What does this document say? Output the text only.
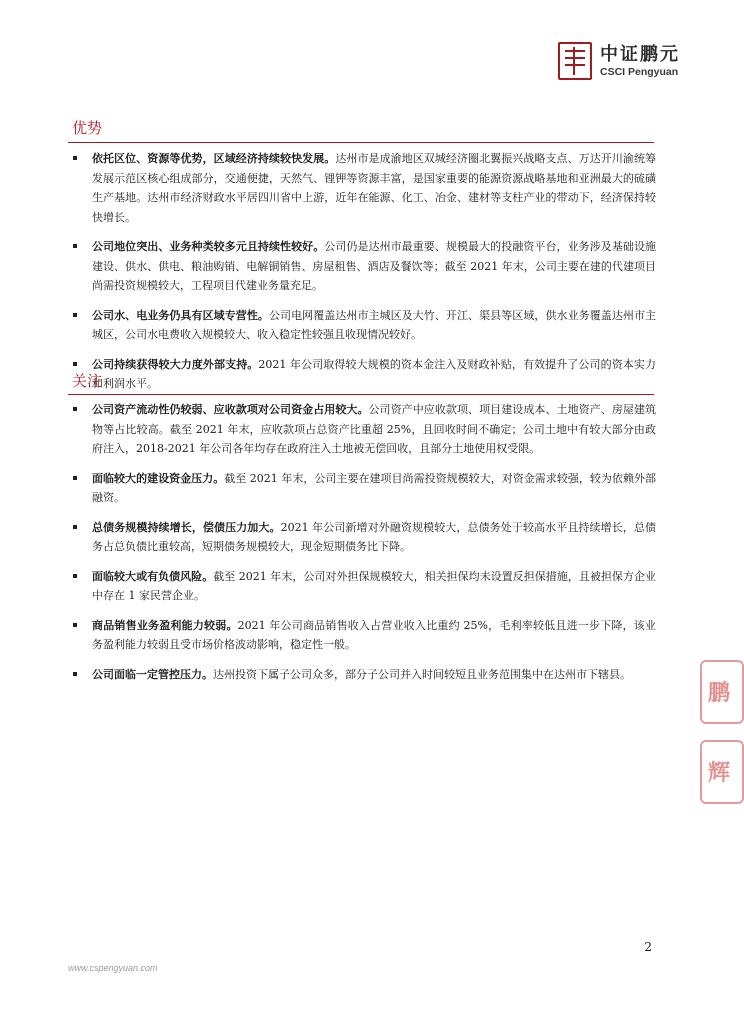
中证鹏元
CSCI Pengyuan
优势
依托区位、资源等优势，区域经济持续较快发展。达州市是成渝地区双城经济圈北翼振兴战略支点、万达开川渝统筹发展示范区核心组成部分，交通便捷，天然气、锂钾等资源丰富，是国家重要的能源资源战略基地和亚洲最大的硫磺生产基地。达州市经济财政水平居四川省中上游，近年在能源、化工、冶金、建材等支柱产业的带动下，经济保持较快增长。
公司地位突出、业务种类较多元且持续性较好。公司仍是达州市最重要、规模最大的投融资平台，业务涉及基础设施建设、供水、供电、粮油购销、电解铜销售、房屋租售、酒店及餐饮等；截至 2021 年末，公司主要在建的代建项目尚需投资规模较大，工程项目代建业务量充足。
公司水、电业务仍具有区域专营性。公司电网覆盖达州市主城区及大竹、开江、渠县等区域，供水业务覆盖达州市主城区，公司水电费收入规模较大、收入稳定性较强且收现情况较好。
公司持续获得较大力度外部支持。2021 年公司取得较大规模的资本金注入及财政补贴，有效提升了公司的资本实力和利润水平。
关注
公司资产流动性仍较弱、应收款项对公司资金占用较大。公司资产中应收款项、项目建设成本、土地资产、房屋建筑物等占比较高。截至 2021 年末，应收款项占总资产比重超 25%，且回收时间不确定；公司土地中有较大部分由政府注入，2018-2021 年公司各年均存在政府注入土地被无偿回收，且部分土地使用权受限。
面临较大的建设资金压力。截至 2021 年末，公司主要在建项目尚需投资规模较大，对资金需求较强，较为依赖外部融资。
总债务规模持续增长，偿债压力加大。2021 年公司新增对外融资规模较大，总债务处于较高水平且持续增长，总债务占总负债比重较高，短期债务规模较大，现金短期债务比下降。
面临较大或有负债风险。截至 2021 年末，公司对外担保规模较大，相关担保均未设置反担保措施，且被担保方企业中存在 1 家民营企业。
商品销售业务盈利能力较弱。2021 年公司商品销售收入占营业收入比重约 25%，毛利率较低且进一步下降，该业务盈利能力较弱且受市场价格波动影响，稳定性一般。
公司面临一定管控压力。达州投资下属子公司众多，部分子公司并入时间较短且业务范围集中在达州市下辖县。
鹏
辉
2
www.cspengyuan.com
